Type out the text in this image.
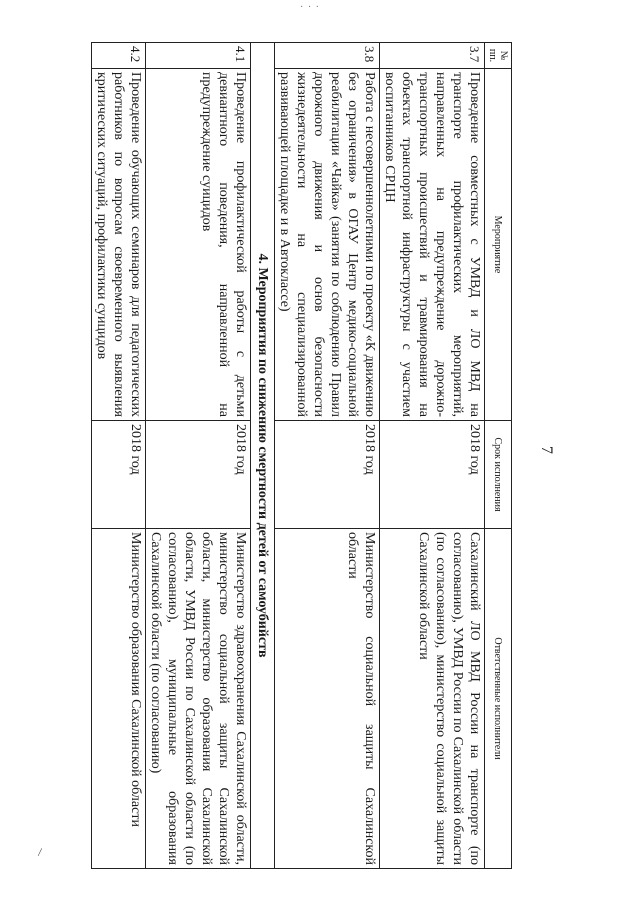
7
· · ·
\
№ пп.	Мероприятие	Срок исполнения	Ответственные исполнители
3.7	Проведение совместных с УМВД и ЛО МВД на транспорте профилактических мероприятий, направленных на предупреждение дорожно-транспортных происшествий и травмирования на объектах транспортной инфраструктуры с участием воспитанников СРЦН	2018 год	Сахалинский ЛО МВД России на транспорте (по согласованию), УМВД России по Сахалинской области (по согласованию), министерство социальной защиты Сахалинской области
3.8	Работа с несовершеннолетними по проекту «К движению без ограничения» в ОГАУ Центр медико-социальной реабилитации «Чайка» (занятия по соблюдению Правил дорожного движения и основ безопасности жизнедеятельности на специализированной развивающей площадке и в Автоклассе)	2018 год	Министерство социальной защиты Сахалинской области
4. Мероприятия по снижению смертности детей от самоубийств			
4.1	Проведение профилактической работы с детьми девиантного поведения, направленной на предупреждение суицидов	2018 год	Министерство здравоохранения Сахалинской области, министерство социальной защиты Сахалинской области, министерство образования Сахалинской области, УМВД России по Сахалинской области (по согласованию), муниципальные образования Сахалинской области (по согласованию)
4.2	Проведение обучающих семинаров для педагогических работников по вопросам своевременного выявления критических ситуаций, профилактики суицидов	2018 год	Министерство образования Сахалинской области
